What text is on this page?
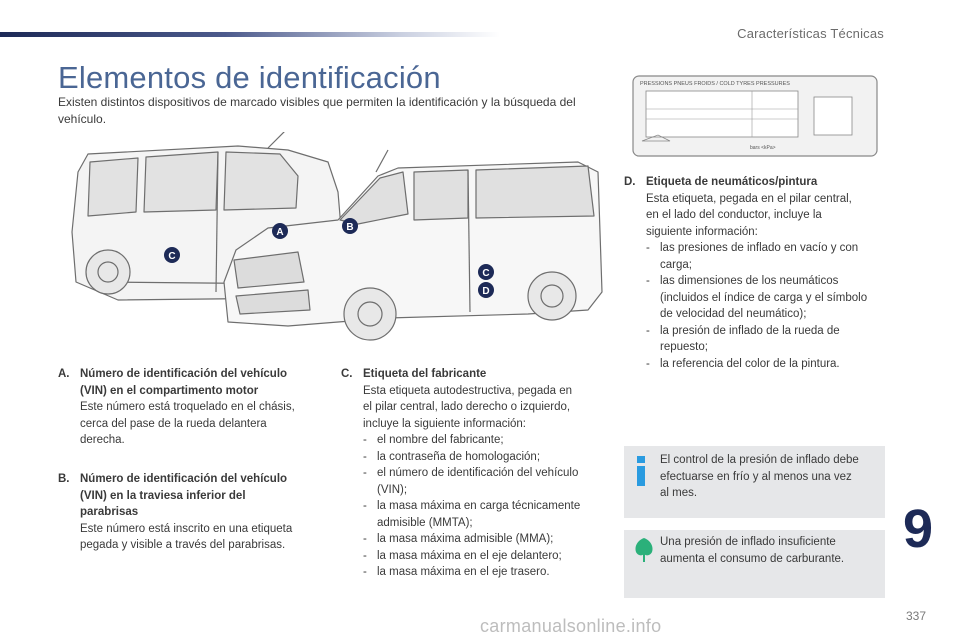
Características Técnicas
Elementos de identificación
Existen distintos dispositivos de marcado visibles que permiten la identificación y la búsqueda del vehículo.
A	B
C
C
D
PRESSIONS PNEUS FROIDS / COLD TYRES PRESSURES
bars <kPa>
A. Número de identificación del vehículo
(VIN) en el compartimento motor
Este número está troquelado en el chásis,
cerca del pase de la rueda delantera
derecha.
B. Número de identificación del vehículo
(VIN) en la traviesa inferior del
parabrisas
Este número está inscrito en una etiqueta
pegada y visible a través del parabrisas.
C. Etiqueta del fabricante
Esta etiqueta autodestructiva, pegada en
el pilar central, lado derecho o izquierdo,
incluye la siguiente información:
- el nombre del fabricante;
- la contraseña de homologación;
- el número de identificación del vehículo
(VIN);
- la masa máxima en carga técnicamente
admisible (MMTA);
- la masa máxima admisible (MMA);
- la masa máxima en el eje delantero;
- la masa máxima en el eje trasero.
D. Etiqueta de neumáticos/pintura
Esta etiqueta, pegada en el pilar central,
en el lado del conductor, incluye la
siguiente información:
- las presiones de inflado en vacío y con
carga;
- las dimensiones de los neumáticos
(incluidos el índice de carga y el símbolo
de velocidad del neumático);
- la presión de inflado de la rueda de
repuesto;
- la referencia del color de la pintura.
El control de la presión de inflado debe
efectuarse en frío y al menos una vez
al mes.
Una presión de inflado insuficiente
aumenta el consumo de carburante.	9
337
carmanualsonline.info
